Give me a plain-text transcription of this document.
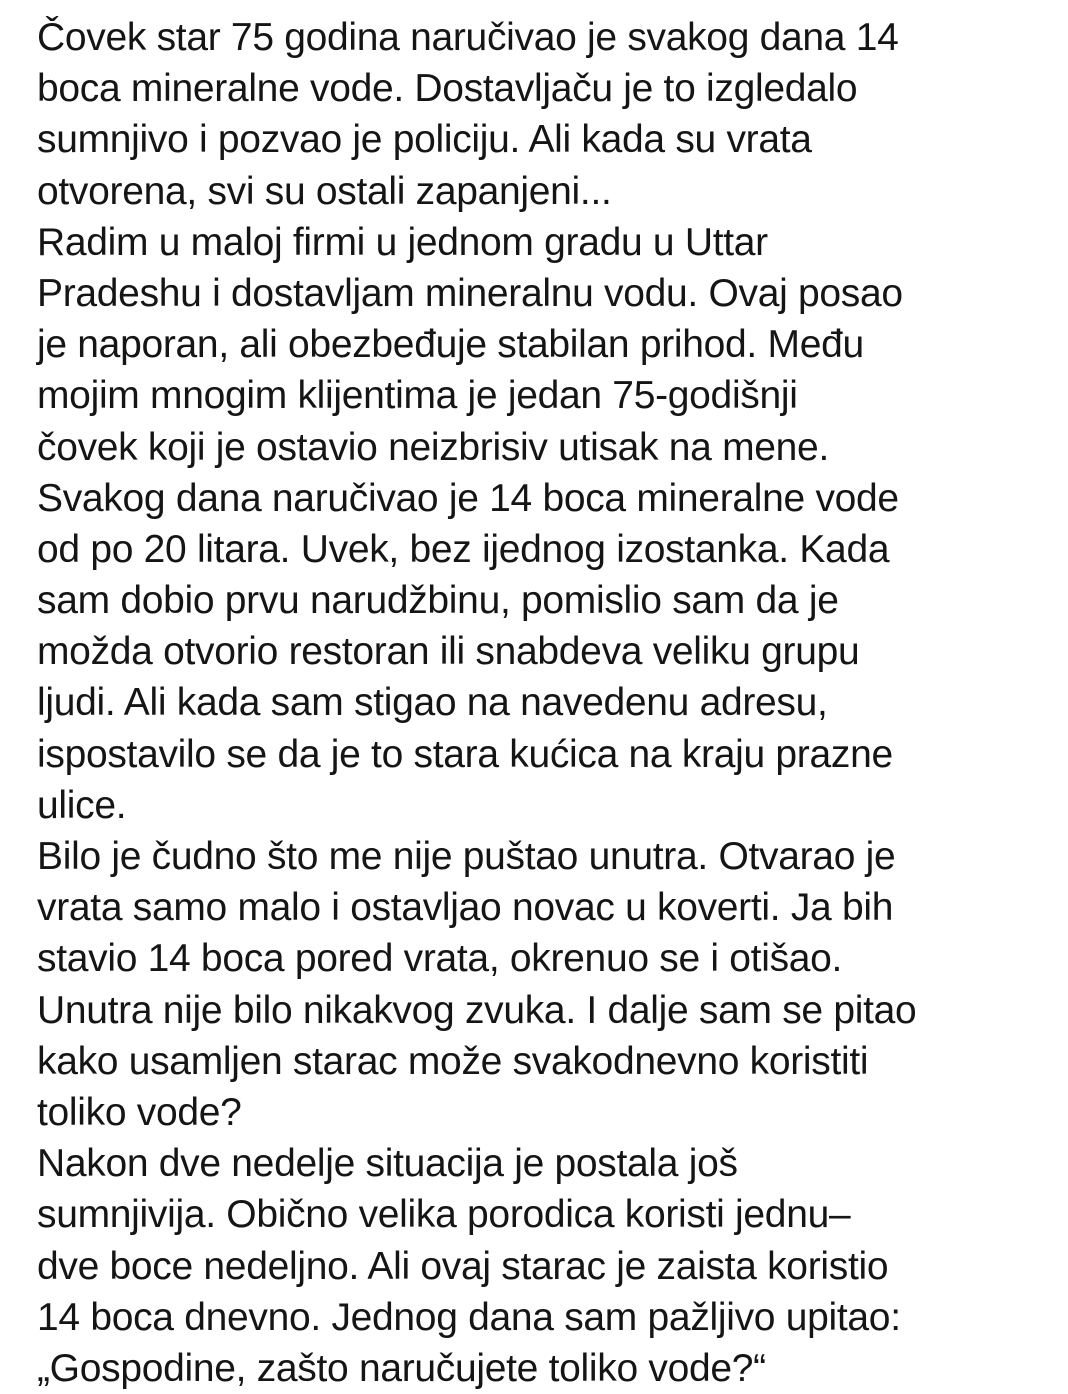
Čovek star 75 godina naručivao je svakog dana 14
boca mineralne vode. Dostavljaču je to izgledalo
sumnjivo i pozvao je policiju. Ali kada su vrata
otvorena, svi su ostali zapanjeni...
Radim u maloj firmi u jednom gradu u Uttar
Pradeshu i dostavljam mineralnu vodu. Ovaj posao
je naporan, ali obezbeđuje stabilan prihod. Među
mojim mnogim klijentima je jedan 75-godišnji
čovek koji je ostavio neizbrisiv utisak na mene.
Svakog dana naručivao je 14 boca mineralne vode
od po 20 litara. Uvek, bez ijednog izostanka. Kada
sam dobio prvu narudžbinu, pomislio sam da je
možda otvorio restoran ili snabdeva veliku grupu
ljudi. Ali kada sam stigao na navedenu adresu,
ispostavilo se da je to stara kućica na kraju prazne
ulice.
Bilo je čudno što me nije puštao unutra. Otvarao je
vrata samo malo i ostavljao novac u koverti. Ja bih
stavio 14 boca pored vrata, okrenuo se i otišao.
Unutra nije bilo nikakvog zvuka. I dalje sam se pitao
kako usamljen starac može svakodnevno koristiti
toliko vode?
Nakon dve nedelje situacija je postala još
sumnjivija. Obično velika porodica koristi jednu–
dve boce nedeljno. Ali ovaj starac je zaista koristio
14 boca dnevno. Jednog dana sam pažljivo upitao:
„Gospodine, zašto naručujete toliko vode?“
